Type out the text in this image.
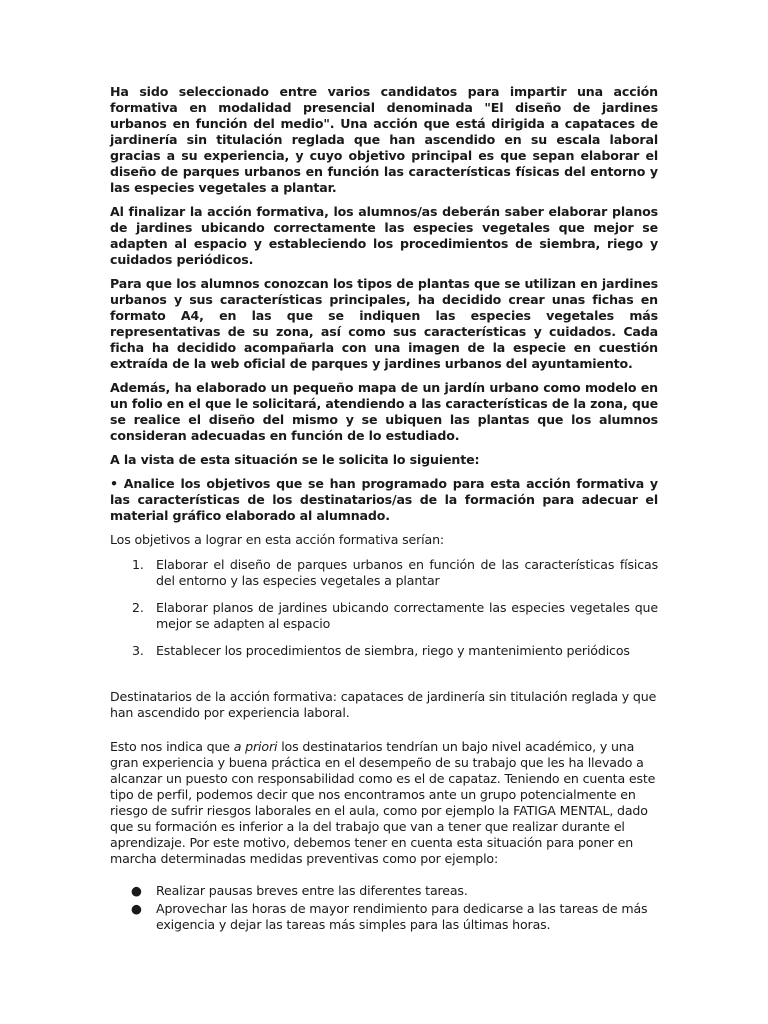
Ha sido seleccionado entre varios candidatos para impartir una acción formativa en modalidad presencial denominada "El diseño de jardines urbanos en función del medio". Una acción que está dirigida a capataces de jardinería sin titulación reglada que han ascendido en su escala laboral gracias a su experiencia, y cuyo objetivo principal es que sepan elaborar el diseño de parques urbanos en función las características físicas del entorno y las especies vegetales a plantar.

Al finalizar la acción formativa, los alumnos/as deberán saber elaborar planos de jardines ubicando correctamente las especies vegetales que mejor se adapten al espacio y estableciendo los procedimientos de siembra, riego y cuidados periódicos.

Para que los alumnos conozcan los tipos de plantas que se utilizan en jardines urbanos y sus características principales, ha decidido crear unas fichas en formato A4, en las que se indiquen las especies vegetales más representativas de su zona, así como sus características y cuidados. Cada ficha ha decidido acompañarla con una imagen de la especie en cuestión extraída de la web oficial de parques y jardines urbanos del ayuntamiento.

Además, ha elaborado un pequeño mapa de un jardín urbano como modelo en un folio en el que le solicitará, atendiendo a las características de la zona, que se realice el diseño del mismo y se ubiquen las plantas que los alumnos consideran adecuadas en función de lo estudiado.

A la vista de esta situación se le solicita lo siguiente:

• Analice los objetivos que se han programado para esta acción formativa y las características de los destinatarios/as de la formación para adecuar el material gráfico elaborado al alumnado.

Los objetivos a lograr en esta acción formativa serían:

1. Elaborar el diseño de parques urbanos en función de las características físicas del entorno y las especies vegetales a plantar
2. Elaborar planos de jardines ubicando correctamente las especies vegetales que mejor se adapten al espacio
3. Establecer los procedimientos de siembra, riego y mantenimiento periódicos

Destinatarios de la acción formativa: capataces de jardinería sin titulación reglada y que han ascendido por experiencia laboral.

Esto nos indica que a priori los destinatarios tendrían un bajo nivel académico, y una gran experiencia y buena práctica en el desempeño de su trabajo que les ha llevado a alcanzar un puesto con responsabilidad como es el de capataz. Teniendo en cuenta este tipo de perfil, podemos decir que nos encontramos ante un grupo potencialmente en riesgo de sufrir riesgos laborales en el aula, como por ejemplo la FATIGA MENTAL, dado que su formación es inferior a la del trabajo que van a tener que realizar durante el aprendizaje. Por este motivo, debemos tener en cuenta esta situación para poner en marcha determinadas medidas preventivas como por ejemplo:

● Realizar pausas breves entre las diferentes tareas.
● Aprovechar las horas de mayor rendimiento para dedicarse a las tareas de más exigencia y dejar las tareas más simples para las últimas horas.
